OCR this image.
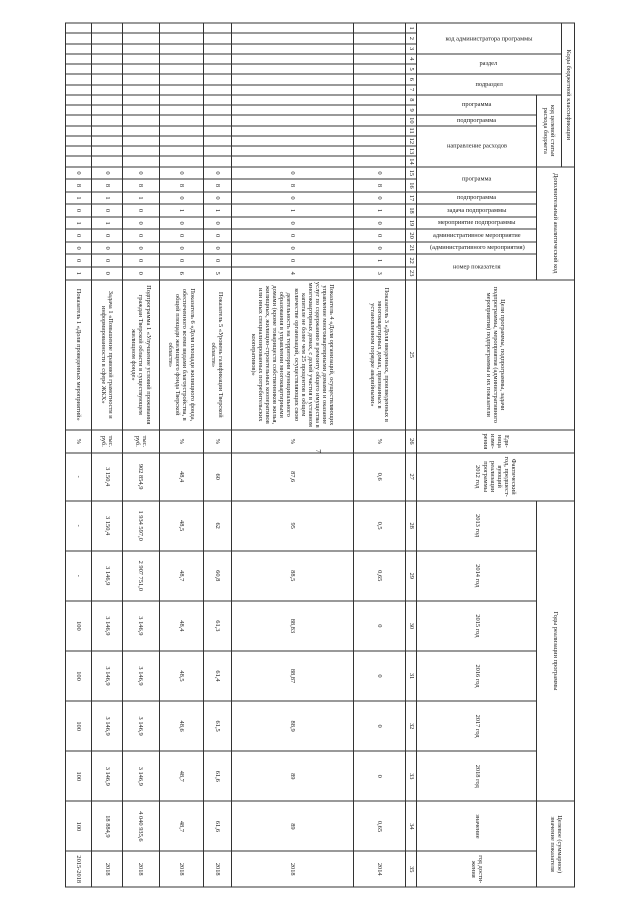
7
Коды бюджетной классификации														Дополнительный аналитический код									Цели программы, подпрограммы, задачи подпрограммы, мероприятия (административного мероприятия) подпрограммы и их показатели	Еди-ница изме-рения	Фактический год, предшест-вующий реализации программы 2012 год	Годы реализации программы						Целевое (суммарное) значение показателя	
код администратора программы			раздел		подраздел		код целевой статьи расхода бюджета																										
							программа		подпрограмма	направление расходов																							
														программа		подпрограмма	задача подпрограммы	мероприятие подпрограммы	административное мероприятие	(административного мероприятия)	номер показателя					2013 год	2014 год	2015 год	2016 год	2017 год	2018 год	значение	год дости-жения
1	2	3	4	5	6	7	8	9	10	11	12	13	14	15	16	17	18	19	20	21	22	23	25	26	27	28	29	30	31	32	33	34	35
														0	8	0	1	0	0	0	1	3	Показатель 3 «Доля введенных, произведенных в многоквартирных домах, признанных в установленном порядке аварийными»	%	0,6	0,5	0,65	0	0	0	0	0,65	2014
														0	8	0	1	0	0	0	0	4	Показатель 4 «Доля организаций, осуществляющих управление многоквартирными домами и оказание услуг по содержанию и ремонту общего имущества в многоквартирных домах, с долей участия в уставном капитале не более чем 25 процентов в общем количестве организаций, осуществляющих свою деятельность на территории муниципального образования в управлении многоквартирными домами (кроме товариществ собственников жилья, жилищных, жилищно-строительных кооперативов или иных специализированных потребительских кооперативов)»	%	87,6	95	88,5	88,83	88,87	88,9	89	89	2018
														0	8	0	1	0	0	0	0	5	Показатель 5 «Уровень газификации Тверской области»	%	60	62	60,8	61,3	61,4	61,5	61,6	61,6	2018
														0	8	0	1	0	0	0	0	6	Показатель 6 «Доля площади жилищного фонда, обеспеченного всеми видами благоустройства, в общей площади жилищного фонда Тверской области»	%	48,4	48,5	48,7	48,4	48,5	48,6	48,7	48,7	2018
														0	8	1	0	0	0	0	0	0	Подпрограмма 1 «Улучшение условий проживания граждан Тверской области в существующем жилищном фонде»	тыс. руб.	902 854,9	1 934 597,0	2 907 751,0	3 146,9	3 146,9	3 146,9	3 146,9	4 040 935,6	2018
														0	8	1	0	1	0	0	0	0	Задача 1 «Повышение правовой грамотности и информированности в сфере ЖКХ»	тыс. руб.	3 150,4	3 150,4	3 146,9	3 146,9	3 146,9	3 146,9	3 146,9	18 884,9	2018
														0	8	1	0	1	0	0	0	1	Показатель 1 «Доля проведенных мероприятий»	%	-	-	-	100	100	100	100	100	2015-2018
